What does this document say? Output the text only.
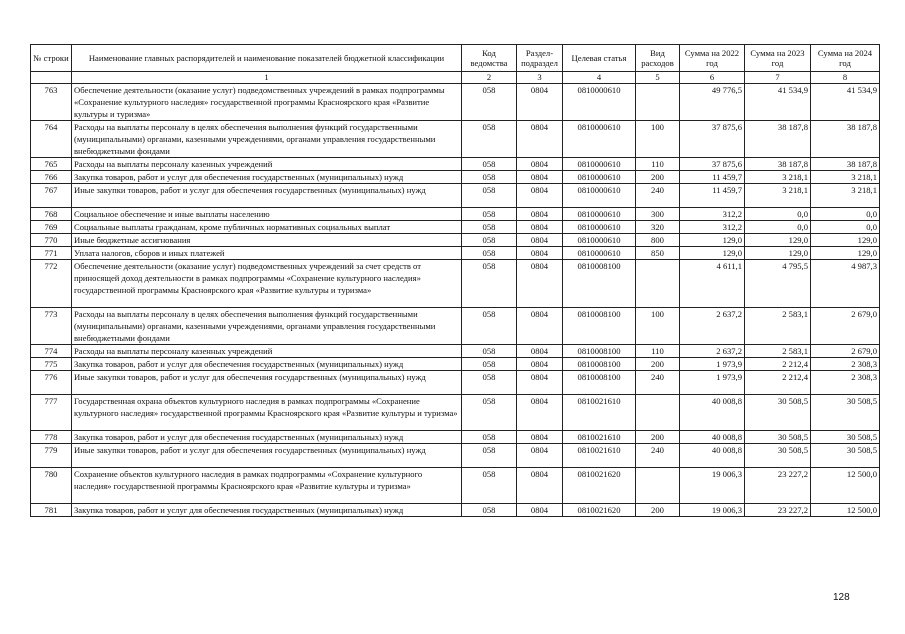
№ строки	Наименование главных распорядителей и наименование показателей бюджетной классификации	Код ведомства	Раздел-подраздел	Целевая статья	Вид расходов	Сумма на 2022 год	Сумма на 2023 год	Сумма на 2024 год
	1	2	3	4	5	6	7	8
763	Обеспечение деятельности (оказание услуг) подведомственных учреждений в рамках подпрограммы «Сохранение культурного наследия» государственной программы Красноярского края «Развитие культуры и туризма»	058	0804	0810000610		49 776,5	41 534,9	41 534,9
764	Расходы на выплаты персоналу в целях обеспечения выполнения функций государственными (муниципальными) органами, казенными учреждениями, органами управления государственными внебюджетными фондами	058	0804	0810000610	100	37 875,6	38 187,8	38 187,8
765	Расходы на выплаты персоналу казенных учреждений	058	0804	0810000610	110	37 875,6	38 187,8	38 187,8
766	Закупка товаров, работ и услуг для обеспечения государственных (муниципальных) нужд	058	0804	0810000610	200	11 459,7	3 218,1	3 218,1
767	Иные закупки товаров, работ и услуг для обеспечения государственных (муниципальных) нужд	058	0804	0810000610	240	11 459,7	3 218,1	3 218,1
768	Социальное обеспечение и иные выплаты населению	058	0804	0810000610	300	312,2	0,0	0,0
769	Социальные выплаты гражданам, кроме публичных нормативных социальных выплат	058	0804	0810000610	320	312,2	0,0	0,0
770	Иные бюджетные ассигнования	058	0804	0810000610	800	129,0	129,0	129,0
771	Уплата налогов, сборов и иных платежей	058	0804	0810000610	850	129,0	129,0	129,0
772	Обеспечение деятельности (оказание услуг) подведомственных учреждений за счет средств от приносящей доход деятельности в рамках подпрограммы «Сохранение культурного наследия» государственной программы Красноярского края «Развитие культуры и туризма»	058	0804	0810008100		4 611,1	4 795,5	4 987,3
773	Расходы на выплаты персоналу в целях обеспечения выполнения функций государственными (муниципальными) органами, казенными учреждениями, органами управления государственными внебюджетными фондами	058	0804	0810008100	100	2 637,2	2 583,1	2 679,0
774	Расходы на выплаты персоналу казенных учреждений	058	0804	0810008100	110	2 637,2	2 583,1	2 679,0
775	Закупка товаров, работ и услуг для обеспечения государственных (муниципальных) нужд	058	0804	0810008100	200	1 973,9	2 212,4	2 308,3
776	Иные закупки товаров, работ и услуг для обеспечения государственных (муниципальных) нужд	058	0804	0810008100	240	1 973,9	2 212,4	2 308,3
777	Государственная охрана объектов культурного наследия в рамках подпрограммы «Сохранение культурного наследия» государственной программы Красноярского края «Развитие культуры и туризма»	058	0804	0810021610		40 008,8	30 508,5	30 508,5
778	Закупка товаров, работ и услуг для обеспечения государственных (муниципальных) нужд	058	0804	0810021610	200	40 008,8	30 508,5	30 508,5
779	Иные закупки товаров, работ и услуг для обеспечения государственных (муниципальных) нужд	058	0804	0810021610	240	40 008,8	30 508,5	30 508,5
780	Сохранение объектов культурного наследия в рамках подпрограммы «Сохранение культурного наследия» государственной программы Красноярского края «Развитие культуры и туризма»	058	0804	0810021620		19 006,3	23 227,2	12 500,0
781	Закупка товаров, работ и услуг для обеспечения государственных (муниципальных) нужд	058	0804	0810021620	200	19 006,3	23 227,2	12 500,0
128
